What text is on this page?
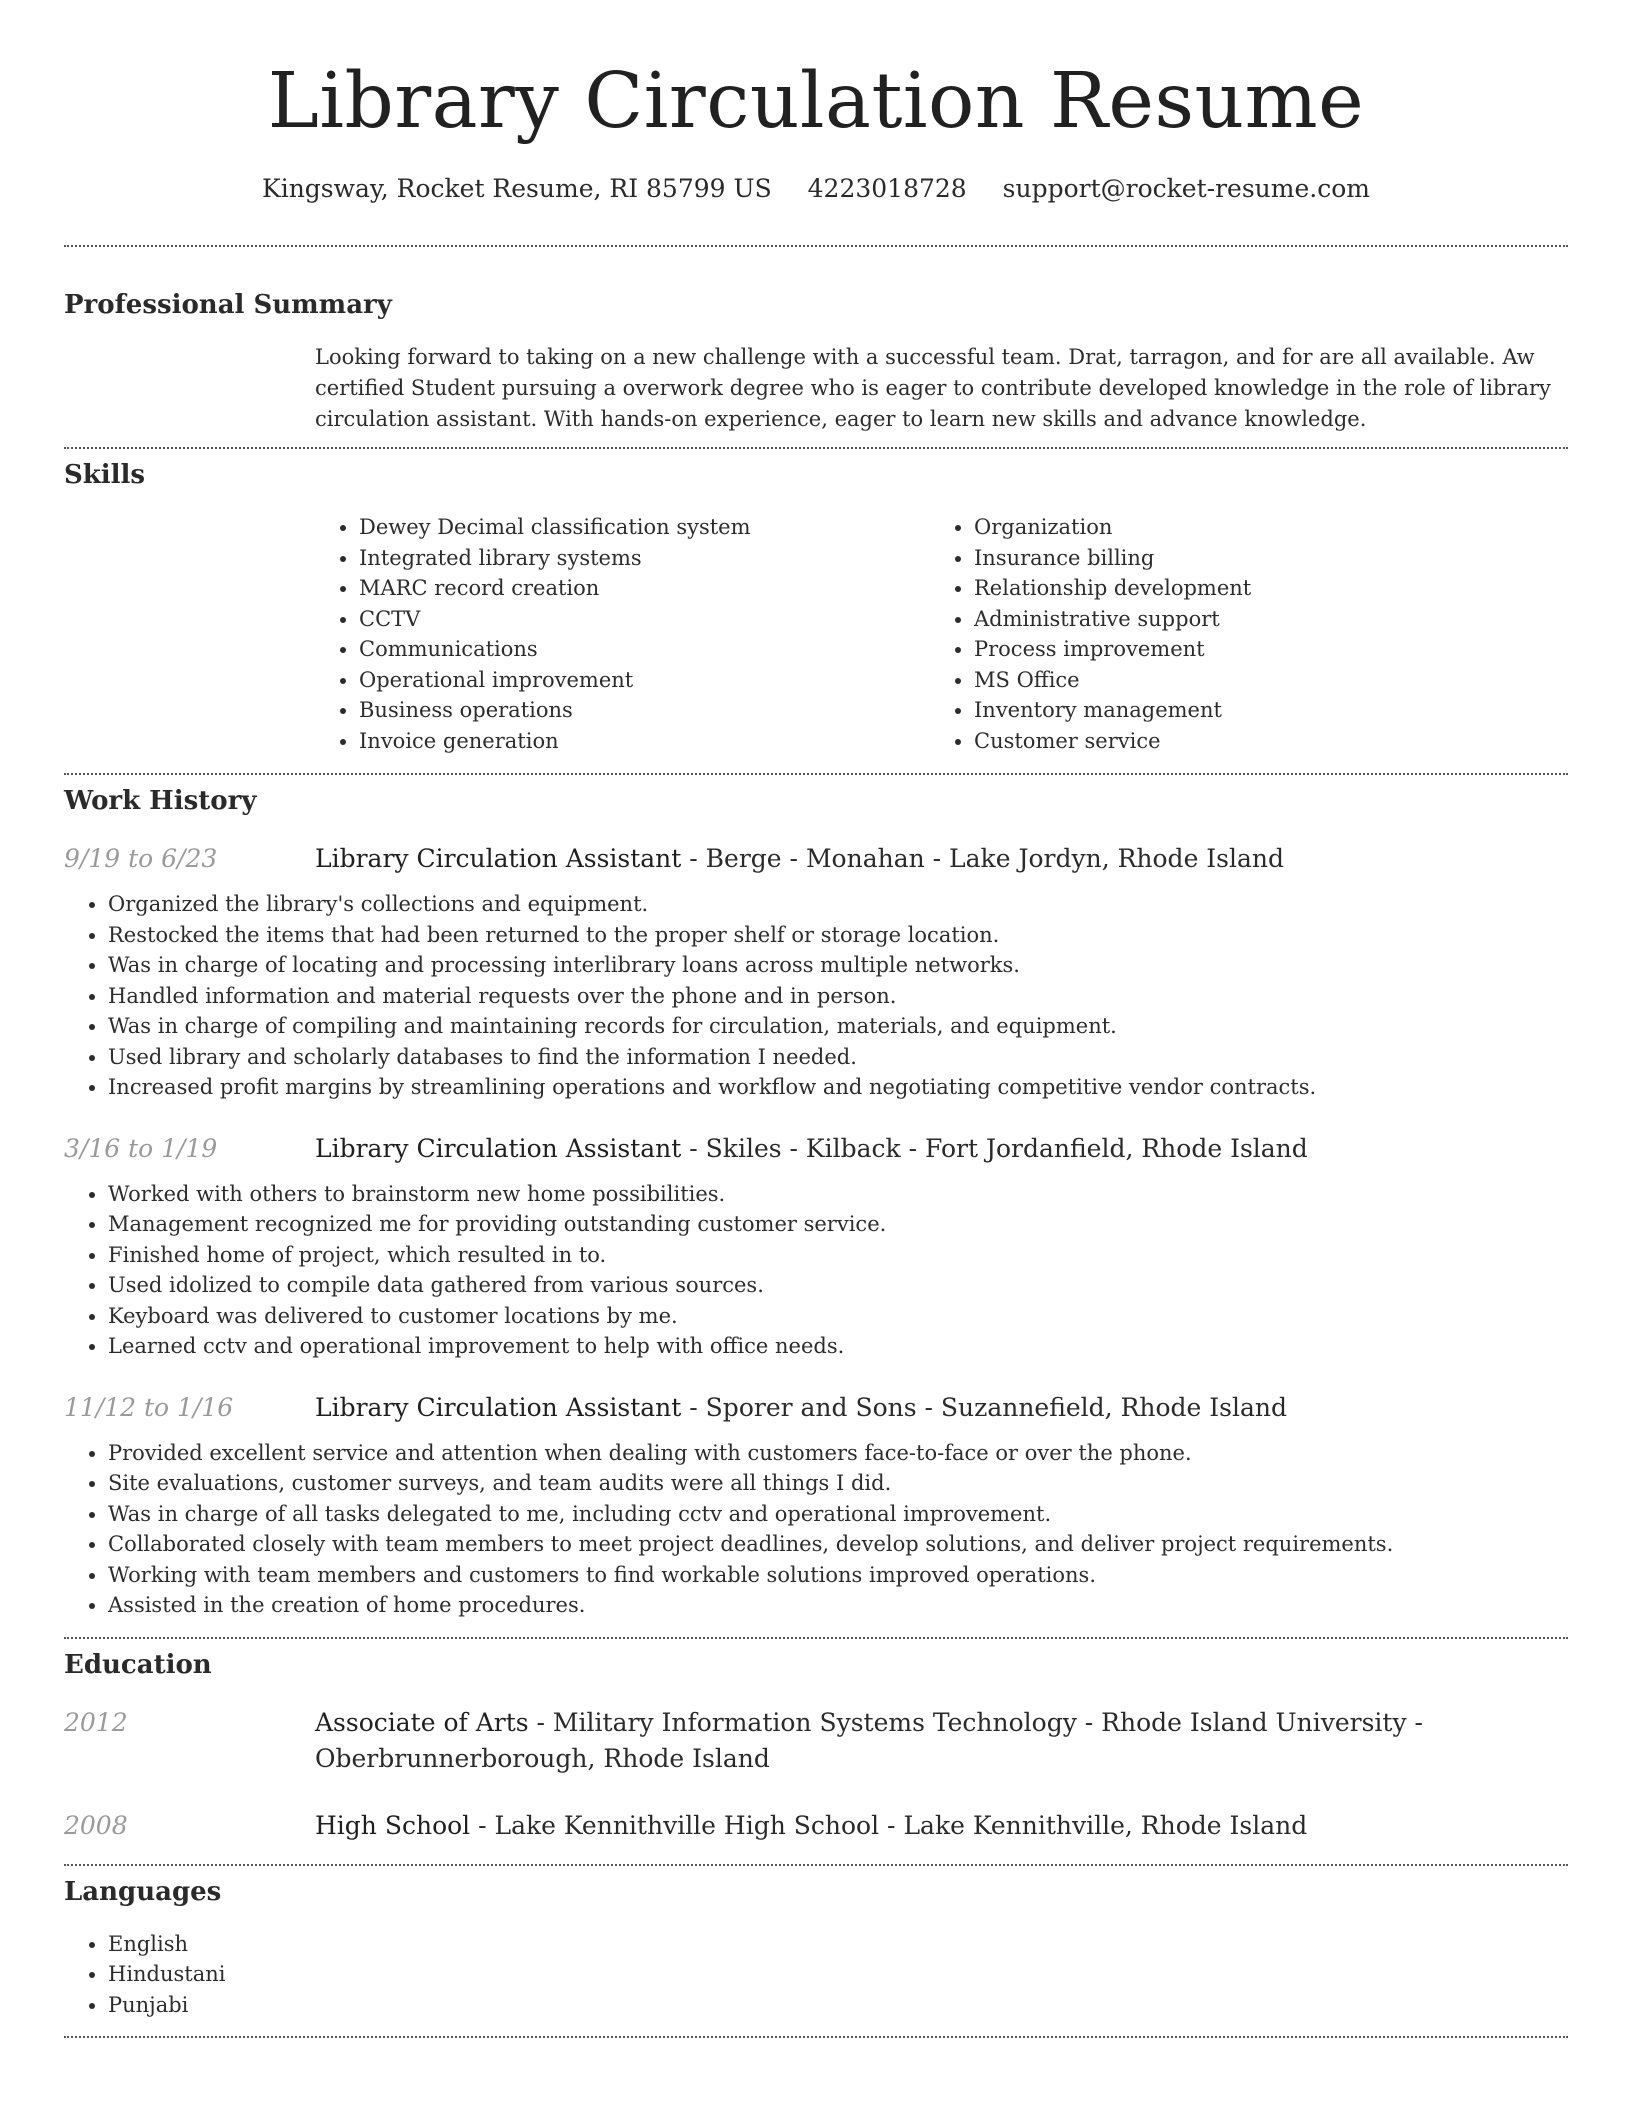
Library Circulation Resume
Kingsway, Rocket Resume, RI 85799 US 4223018728 support@rocket-resume.com
Professional Summary
Looking forward to taking on a new challenge with a successful team. Drat, tarragon, and for are all available. Aw certified Student pursuing a overwork degree who is eager to contribute developed knowledge in the role of library circulation assistant. With hands-on experience, eager to learn new skills and advance knowledge.
Skills
• Dewey Decimal classification system
• Integrated library systems
• MARC record creation
• CCTV
• Communications
• Operational improvement
• Business operations
• Invoice generation
• Organization
• Insurance billing
• Relationship development
• Administrative support
• Process improvement
• MS Office
• Inventory management
• Customer service
Work History
9/19 to 6/23	Library Circulation Assistant - Berge - Monahan - Lake Jordyn, Rhode Island
• Organized the library's collections and equipment.
• Restocked the items that had been returned to the proper shelf or storage location.
• Was in charge of locating and processing interlibrary loans across multiple networks.
• Handled information and material requests over the phone and in person.
• Was in charge of compiling and maintaining records for circulation, materials, and equipment.
• Used library and scholarly databases to find the information I needed.
• Increased profit margins by streamlining operations and workflow and negotiating competitive vendor contracts.
3/16 to 1/19	Library Circulation Assistant - Skiles - Kilback - Fort Jordanfield, Rhode Island
• Worked with others to brainstorm new home possibilities.
• Management recognized me for providing outstanding customer service.
• Finished home of project, which resulted in to.
• Used idolized to compile data gathered from various sources.
• Keyboard was delivered to customer locations by me.
• Learned cctv and operational improvement to help with office needs.
11/12 to 1/16	Library Circulation Assistant - Sporer and Sons - Suzannefield, Rhode Island
• Provided excellent service and attention when dealing with customers face-to-face or over the phone.
• Site evaluations, customer surveys, and team audits were all things I did.
• Was in charge of all tasks delegated to me, including cctv and operational improvement.
• Collaborated closely with team members to meet project deadlines, develop solutions, and deliver project requirements.
• Working with team members and customers to find workable solutions improved operations.
• Assisted in the creation of home procedures.
Education
2012	Associate of Arts - Military Information Systems Technology - Rhode Island University - Oberbrunnerborough, Rhode Island
2008	High School - Lake Kennithville High School - Lake Kennithville, Rhode Island
Languages
• English
• Hindustani
• Punjabi
